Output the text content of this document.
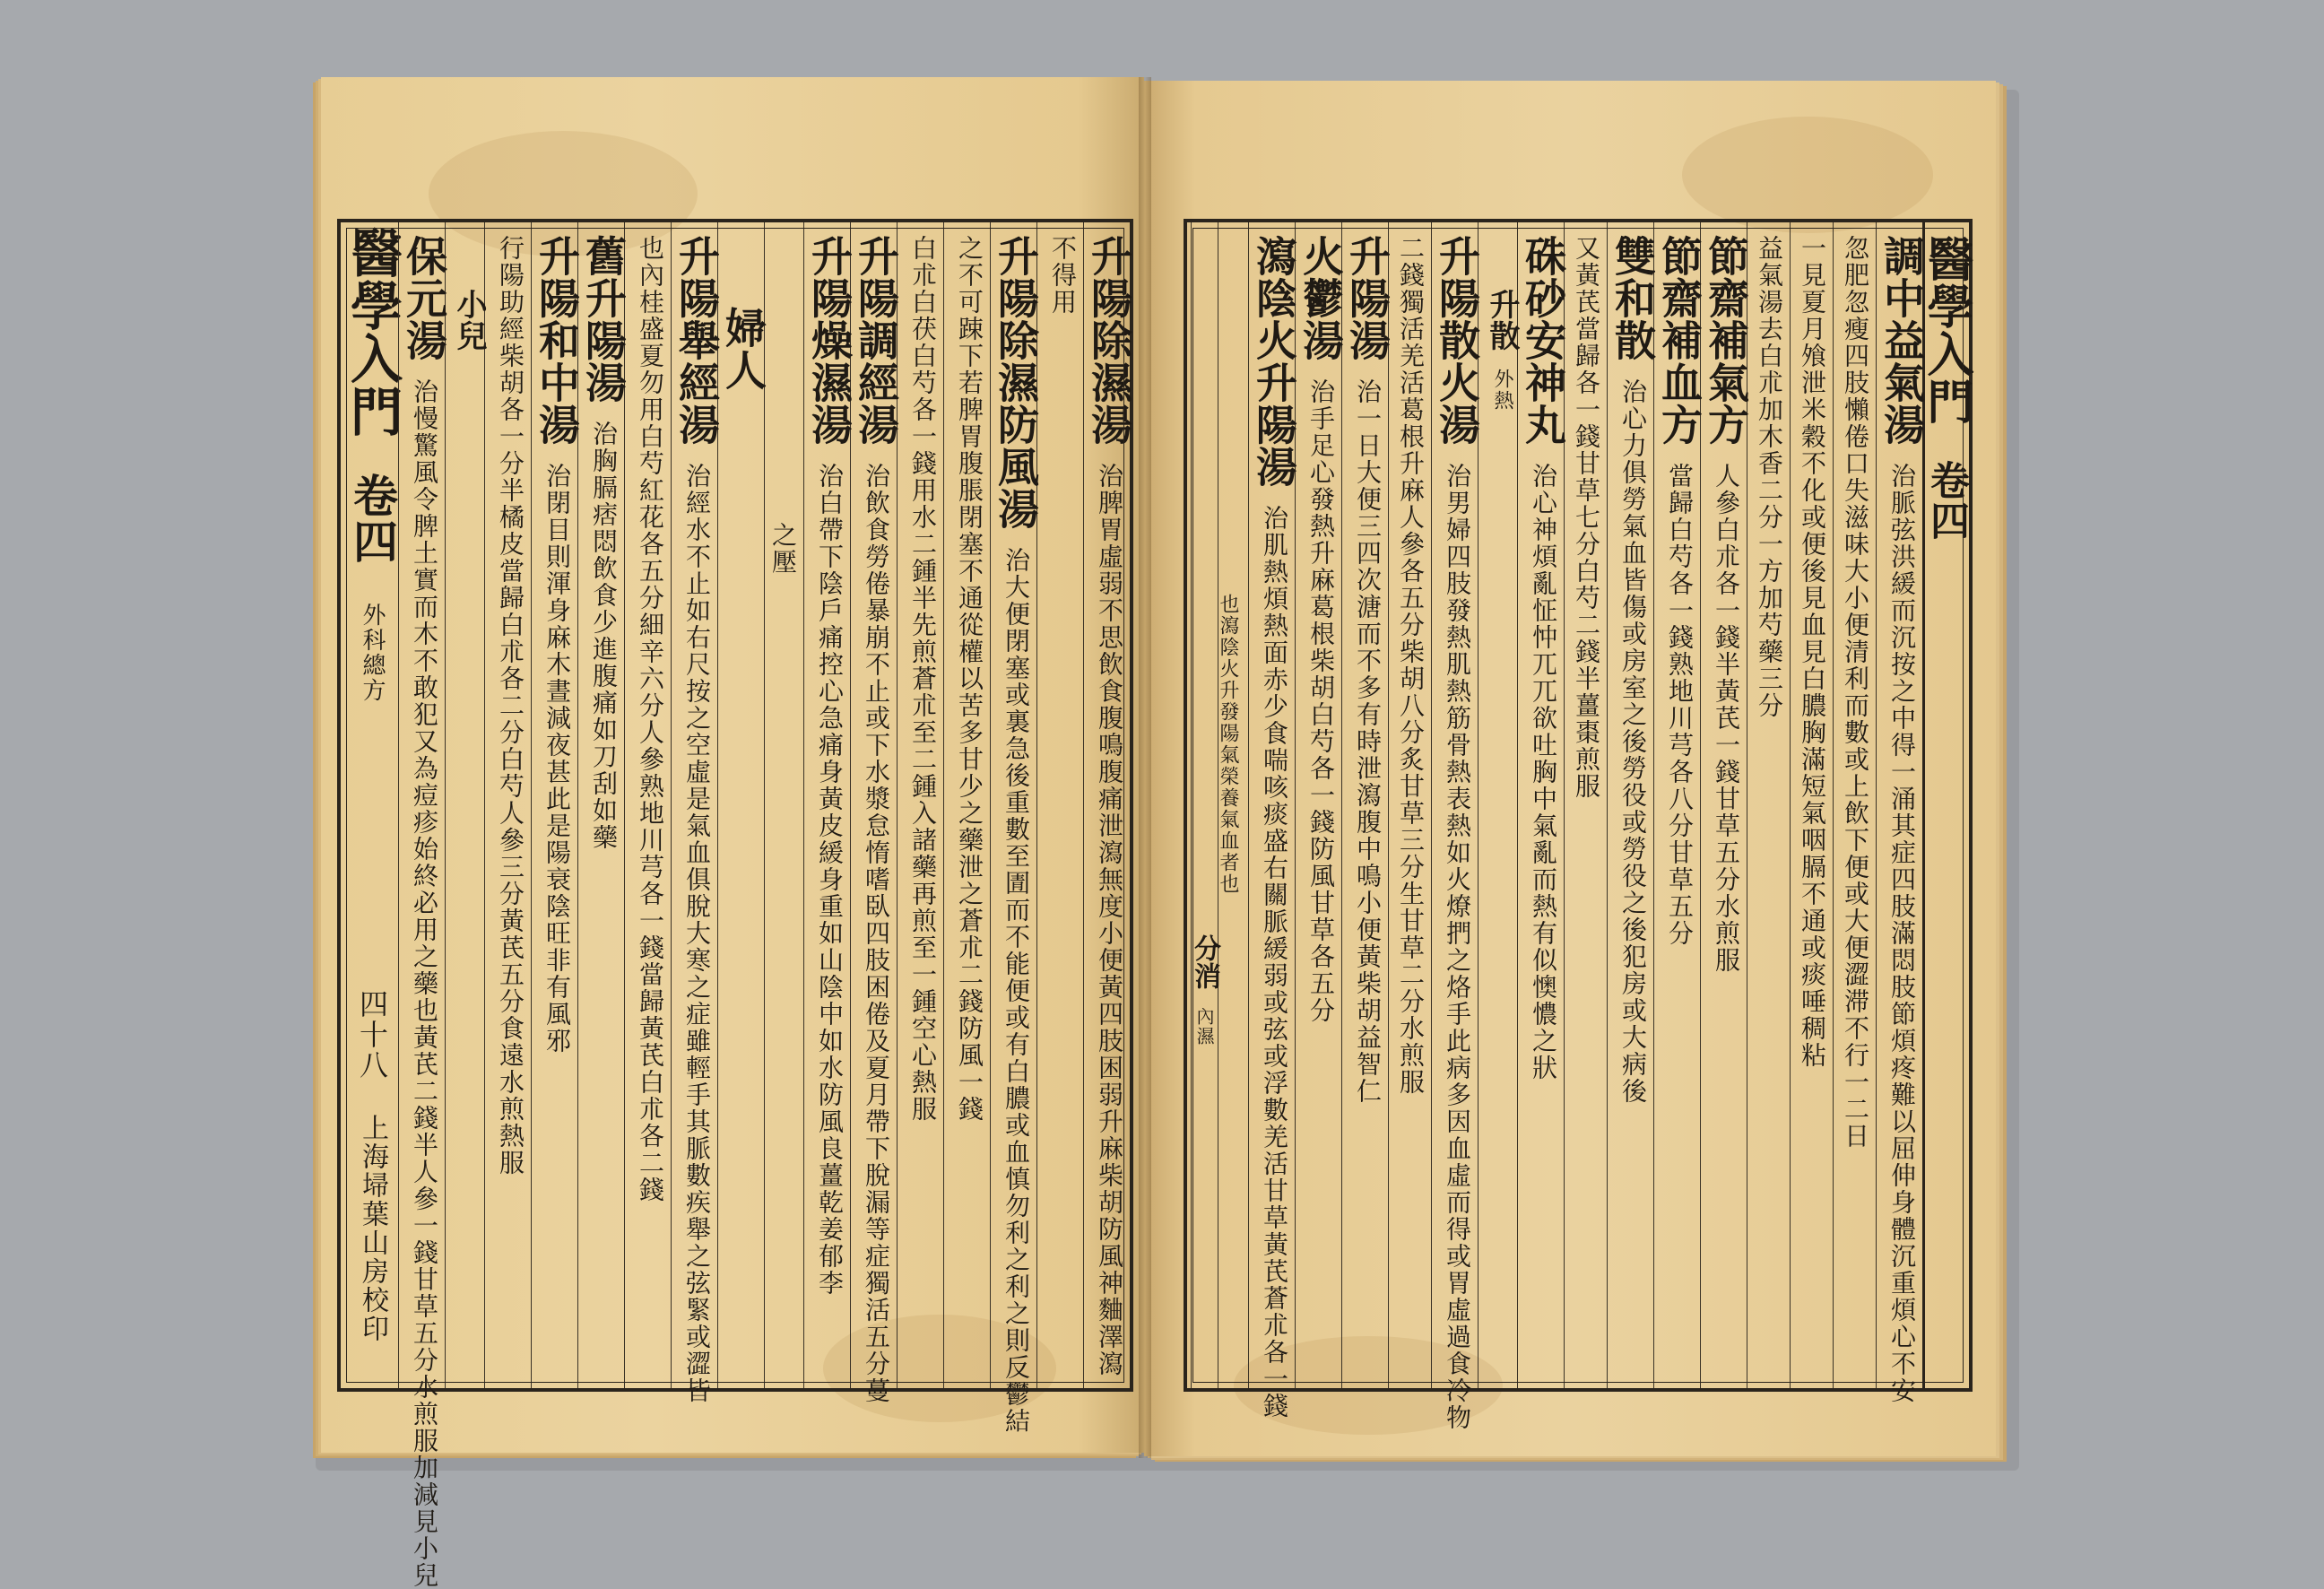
醫學入門 卷四 外科總方 四十八 上海埽葉山房校印
升陽除濕湯 治脾胃虛弱不思飲食腹鳴腹痛泄瀉無度小便黃四肢困弱升麻柴胡防風神麯澤瀉
不得用
升陽除濕防風湯 治大便閉塞或裏急後重數至圊而不能便或有白膿或血慎勿利之利之則反鬱結
之不可踈下若脾胃腹脹閉塞不通從權以苦多甘少之藥泄之蒼朮二錢防風一錢
白朮白茯白芍各一錢用水二鍾半先煎蒼朮至二鍾入諸藥再煎至一鍾空心熱服
升陽調經湯 治飲食勞倦暴崩不止或下水漿怠惰嗜臥四肢困倦及夏月帶下脫漏等症獨活五分蔓
升陽燥濕湯 治白帶下陰戶痛控心急痛身黃皮緩身重如山陰中如水防風良薑乾姜郁李
之壓
婦人
升陽舉經湯 治經水不止如右尺按之空虛是氣血俱脫大寒之症雖輕手其脈數疾舉之弦緊或澀皆
也內桂盛夏勿用白芍紅花各五分細辛六分人參熟地川芎各一錢當歸黃芪白朮各二錢
舊升陽湯 治胸膈痞悶飲食少進腹痛如刀刮如藥
升陽和中湯 治閉目則渾身麻木晝減夜甚此是陽衰陰旺非有風邪
行陽助經柴胡各一分半橘皮當歸白朮各二分白芍人參三分黃芪五分食遠水煎熱服
小兒
保元湯 治慢驚風令脾土實而木不敢犯又為痘疹始終必用之藥也黃芪二錢半人參一錢甘草五分水煎服加減見小兒
醫學入門 卷四
調中益氣湯 治脈弦洪緩而沉按之中得一涌其症四肢滿悶肢節煩疼難以屈伸身體沉重煩心不安
忽肥忽瘦四肢懶倦口失滋味大小便清利而數或上飲下便或大便澀滞不行一二日
一見夏月飧泄米穀不化或便後見血見白膿胸滿短氣咽膈不通或痰唾稠粘
益氣湯去白朮加木香二分一方加芍藥三分
節齋補氣方 人參白朮各一錢半黃芪一錢甘草五分水煎服
節齋補血方 當歸白芍各一錢熟地川芎各八分甘草五分
雙和散 治心力俱勞氣血皆傷或房室之後勞役或勞役之後犯房或大病後
又黃芪當歸各一錢甘草七分白芍二錢半薑棗煎服
硃砂安神丸 治心神煩亂怔忡兀兀欲吐胸中氣亂而熱有似懊憹之狀
升散 外熱
升陽散火湯 治男婦四肢發熱肌熱筋骨熱表熱如火燎捫之烙手此病多因血虛而得或胃虛過食冷物
二錢獨活羌活葛根升麻人參各五分柴胡八分炙甘草三分生甘草二分水煎服
升陽湯 治一日大便三四次溏而不多有時泄瀉腹中鳴小便黃柴胡益智仁
火鬱湯 治手足心發熱升麻葛根柴胡白芍各一錢防風甘草各五分
瀉陰火升陽湯 治肌熱煩熱面赤少食喘咳痰盛右關脈緩弱或弦或浮數羌活甘草黃芪蒼朮各一錢
也瀉陰火升發陽氣榮養氣血者也
分消 內濕
